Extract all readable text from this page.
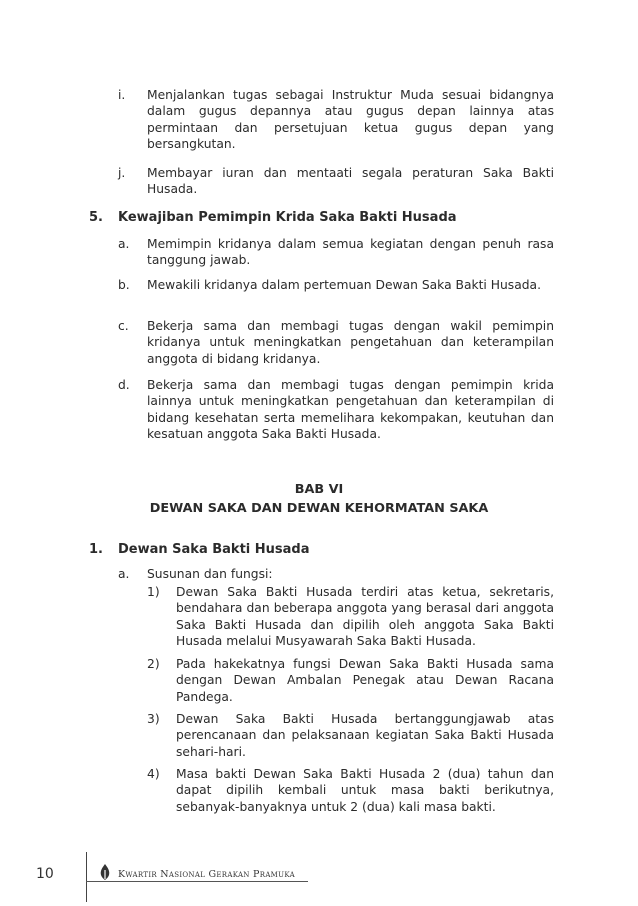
i. Menjalankan tugas sebagai Instruktur Muda sesuai bidangnya dalam gugus depannya atau gugus depan lainnya atas permintaan dan persetujuan ketua gugus depan yang bersangkutan.
j. Membayar iuran dan mentaati segala peraturan Saka Bakti Husada.
5. Kewajiban Pemimpin Krida Saka Bakti Husada
a. Memimpin kridanya dalam semua kegiatan dengan penuh rasa tanggung jawab.
b. Mewakili kridanya dalam pertemuan Dewan Saka Bakti Husada.
c. Bekerja sama dan membagi tugas dengan wakil pemimpin kridanya untuk meningkatkan pengetahuan dan keterampilan anggota di bidang kridanya.
d. Bekerja sama dan membagi tugas dengan pemimpin krida lainnya untuk meningkatkan pengetahuan dan keterampilan di bidang kesehatan serta memelihara kekompakan, keutuhan dan kesatuan anggota Saka Bakti Husada.
BAB VI
DEWAN SAKA DAN DEWAN KEHORMATAN SAKA
1. Dewan Saka Bakti Husada
a. Susunan dan fungsi:
1) Dewan Saka Bakti Husada terdiri atas ketua, sekretaris, bendahara dan beberapa anggota yang berasal dari anggota Saka Bakti Husada dan dipilih oleh anggota Saka Bakti Husada melalui Musyawarah Saka Bakti Husada.
2) Pada hakekatnya fungsi Dewan Saka Bakti Husada sama dengan Dewan Ambalan Penegak atau Dewan Racana Pandega.
3) Dewan Saka Bakti Husada bertanggungjawab atas perencanaan dan pelaksanaan kegiatan Saka Bakti Husada sehari-hari.
4) Masa bakti Dewan Saka Bakti Husada 2 (dua) tahun dan dapat dipilih kembali untuk masa bakti berikutnya, sebanyak-banyaknya untuk 2 (dua) kali masa bakti.
10	Kwartir Nasional Gerakan Pramuka
